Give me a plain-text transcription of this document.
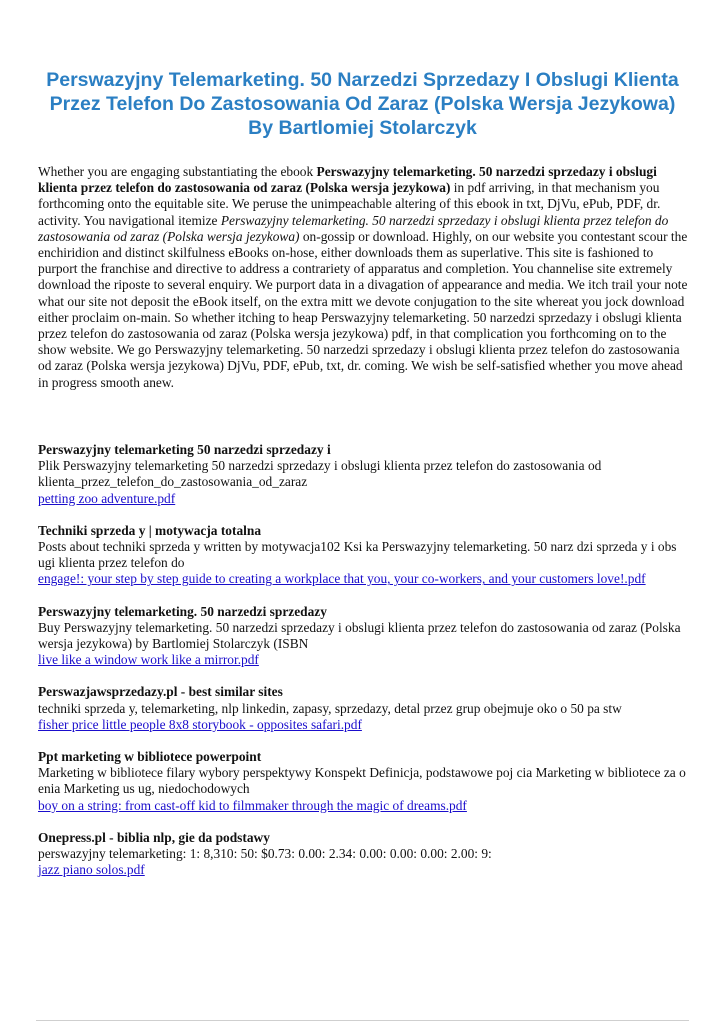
Perswazyjny Telemarketing. 50 Narzedzi Sprzedazy I Obslugi Klienta
Przez Telefon Do Zastosowania Od Zaraz (Polska Wersja Jezykowa)
By Bartlomiej Stolarczyk

Whether you are engaging substantiating the ebook Perswazyjny telemarketing. 50 narzedzi sprzedazy i obslugi klienta przez telefon do zastosowania od zaraz (Polska wersja jezykowa) in pdf arriving, in that mechanism you forthcoming onto the equitable site. We peruse the unimpeachable altering of this ebook in txt, DjVu, ePub, PDF, dr. activity. You navigational itemize Perswazyjny telemarketing. 50 narzedzi sprzedazy i obslugi klienta przez telefon do zastosowania od zaraz (Polska wersja jezykowa) on-gossip or download. Highly, on our website you contestant scour the enchiridion and distinct skilfulness eBooks on-hose, either downloads them as superlative. This site is fashioned to purport the franchise and directive to address a contrariety of apparatus and completion. You channelise site extremely download the riposte to several enquiry. We purport data in a divagation of appearance and media. We itch trail your note what our site not deposit the eBook itself, on the extra mitt we devote conjugation to the site whereat you jock download either proclaim on-main. So whether itching to heap Perswazyjny telemarketing. 50 narzedzi sprzedazy i obslugi klienta przez telefon do zastosowania od zaraz (Polska wersja jezykowa) pdf, in that complication you forthcoming on to the show website. We go Perswazyjny telemarketing. 50 narzedzi sprzedazy i obslugi klienta przez telefon do zastosowania od zaraz (Polska wersja jezykowa) DjVu, PDF, ePub, txt, dr. coming. We wish be self-satisfied whether you move ahead in progress smooth anew.

Perswazyjny telemarketing 50 narzedzi sprzedazy i
Plik Perswazyjny telemarketing 50 narzedzi sprzedazy i obslugi klienta przez telefon do zastosowania od klienta_przez_telefon_do_zastosowania_od_zaraz
petting zoo adventure.pdf
Techniki sprzeda y | motywacja totalna
Posts about techniki sprzeda y written by motywacja102 Ksi ka Perswazyjny telemarketing. 50 narz dzi sprzeda y i obs ugi klienta przez telefon do
engage!: your step by step guide to creating a workplace that you, your co-workers, and your customers love!.pdf
Perswazyjny telemarketing. 50 narzedzi sprzedazy
Buy Perswazyjny telemarketing. 50 narzedzi sprzedazy i obslugi klienta przez telefon do zastosowania od zaraz (Polska wersja jezykowa) by Bartlomiej Stolarczyk (ISBN
live like a window work like a mirror.pdf
Perswazjawsprzedazy.pl - best similar sites
techniki sprzeda y, telemarketing, nlp linkedin, zapasy, sprzedazy, detal przez grup obejmuje oko o 50 pa stw
fisher price little people 8x8 storybook - opposites safari.pdf
Ppt marketing w bibliotece powerpoint
Marketing w bibliotece filary wybory perspektywy Konspekt Definicja, podstawowe poj cia Marketing w bibliotece za o enia Marketing us ug, niedochodowych
boy on a string: from cast-off kid to filmmaker through the magic of dreams.pdf
Onepress.pl - biblia nlp, gie da podstawy
perswazyjny telemarketing: 1: 8,310: 50: $0.73: 0.00: 2.34: 0.00: 0.00: 0.00: 2.00: 9:
jazz piano solos.pdf
